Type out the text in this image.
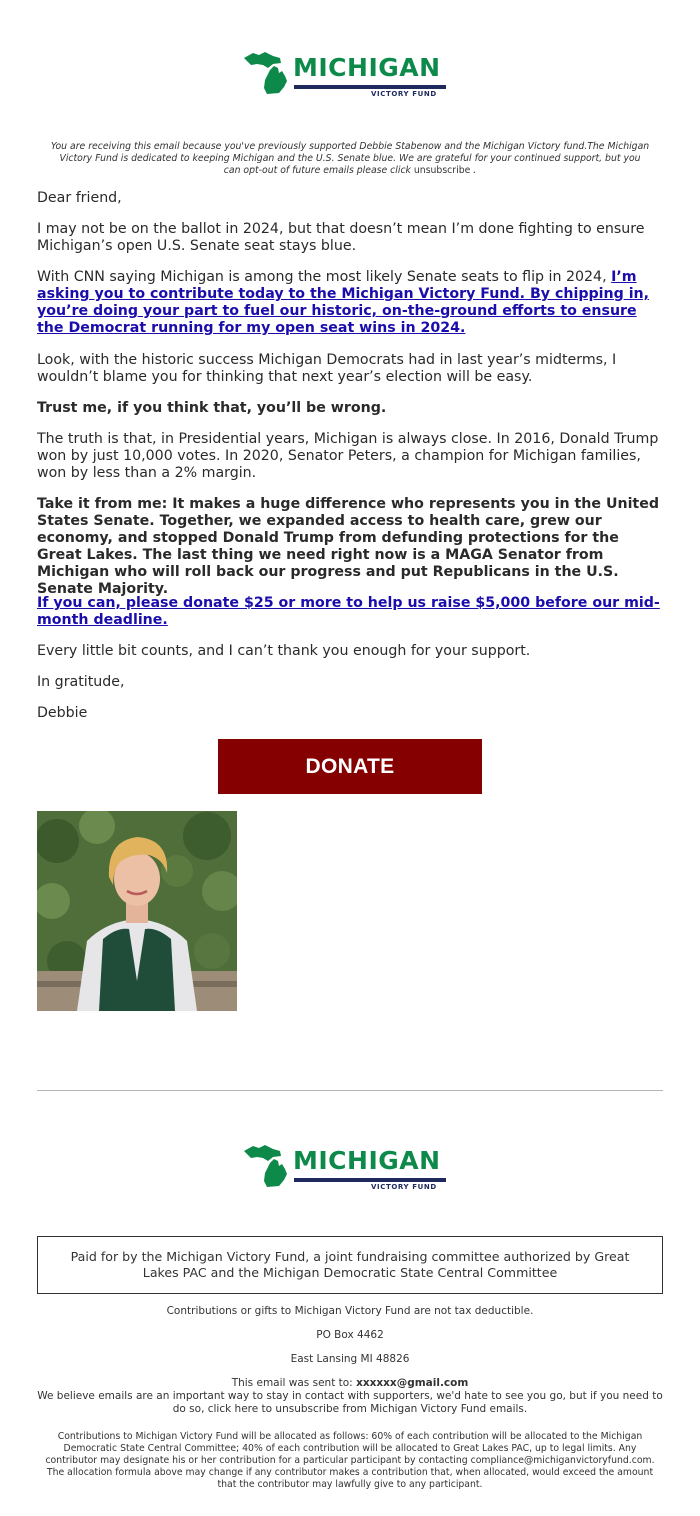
MICHIGAN
VICTORY FUND
You are receiving this email because you've previously supported Debbie Stabenow and the Michigan Victory fund.The Michigan Victory Fund is dedicated to keeping Michigan and the U.S. Senate blue. We are grateful for your continued support, but you can opt-out of future emails please click unsubscribe .
Dear friend,
I may not be on the ballot in 2024, but that doesn’t mean I’m done fighting to ensure Michigan’s open U.S. Senate seat stays blue.
With CNN saying Michigan is among the most likely Senate seats to flip in 2024, I’m asking you to contribute today to the Michigan Victory Fund. By chipping in, you’re doing your part to fuel our historic, on-the-ground efforts to ensure the Democrat running for my open seat wins in 2024.
Look, with the historic success Michigan Democrats had in last year’s midterms, I wouldn’t blame you for thinking that next year’s election will be easy.
Trust me, if you think that, you’ll be wrong.
The truth is that, in Presidential years, Michigan is always close. In 2016, Donald Trump won by just 10,000 votes. In 2020, Senator Peters, a champion for Michigan families, won by less than a 2% margin.
Take it from me: It makes a huge difference who represents you in the United States Senate. Together, we expanded access to health care, grew our economy, and stopped Donald Trump from defunding protections for the Great Lakes. The last thing we need right now is a MAGA Senator from Michigan who will roll back our progress and put Republicans in the U.S. Senate Majority.
If you can, please donate $25 or more to help us raise $5,000 before our mid-month deadline.
Every little bit counts, and I can’t thank you enough for your support.
In gratitude,
Debbie
DONATE
MICHIGAN
VICTORY FUND
Paid for by the Michigan Victory Fund, a joint fundraising committee authorized by Great Lakes PAC and the Michigan Democratic State Central Committee
Contributions or gifts to Michigan Victory Fund are not tax deductible.
PO Box 4462
East Lansing MI 48826
This email was sent to: xxxxxx@gmail.com
We believe emails are an important way to stay in contact with supporters, we'd hate to see you go, but if you need to do so, click here to unsubscribe from Michigan Victory Fund emails.
Contributions to Michigan Victory Fund will be allocated as follows: 60% of each contribution will be allocated to the Michigan Democratic State Central Committee; 40% of each contribution will be allocated to Great Lakes PAC, up to legal limits. Any contributor may designate his or her contribution for a particular participant by contacting compliance@michiganvictoryfund.com. The allocation formula above may change if any contributor makes a contribution that, when allocated, would exceed the amount that the contributor may lawfully give to any participant.
